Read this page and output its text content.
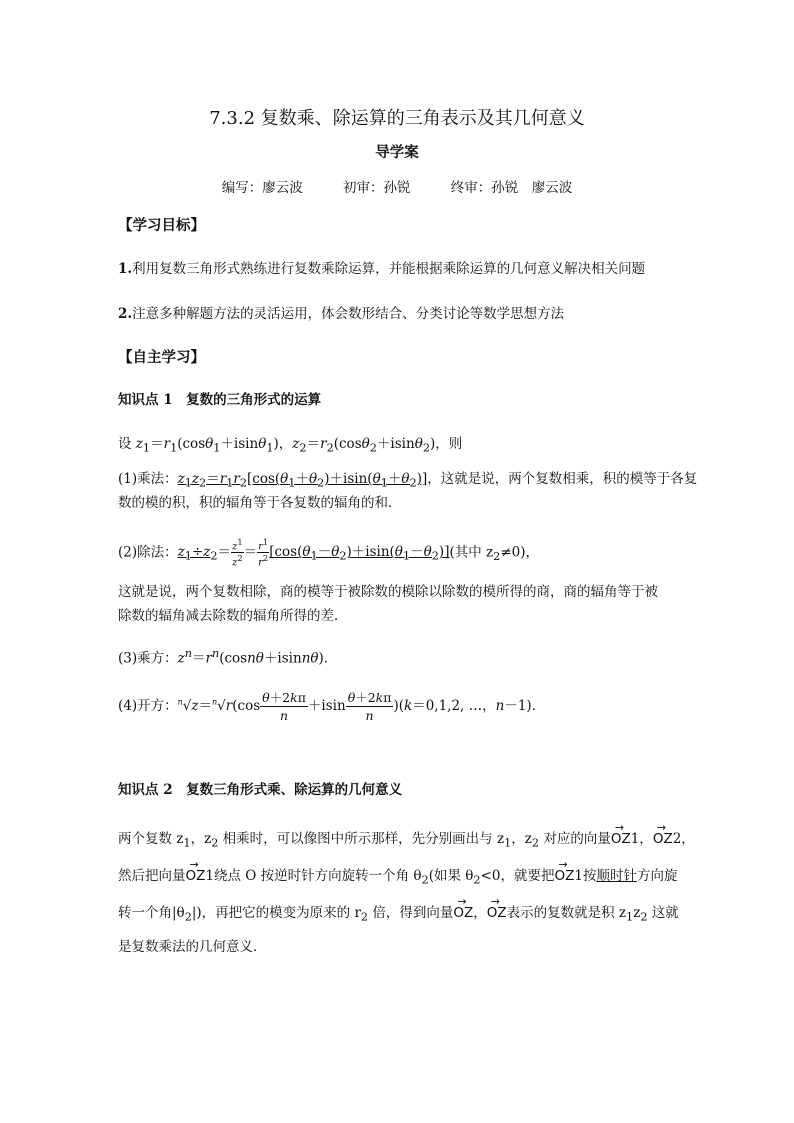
7.3.2 复数乘、除运算的三角表示及其几何意义
导学案
编写：廖云波	初审：孙锐	终审：孙锐　廖云波
【学习目标】
1.利用复数三角形式熟练进行复数乘除运算，并能根据乘除运算的几何意义解决相关问题
2.注意多种解题方法的灵活运用，体会数形结合、分类讨论等数学思想方法
【自主学习】
知识点 1　 复数的三角形式的运算
设 $z_1=r_1(\cos\theta_1+isin\theta_1)$，$z_2=r_2(\cos\theta_2+isin\theta_2)$，则
(1)乘法：$z_1z_2=r_1r_2[\cos(\theta_1+\theta_2)+isin(\theta_1+\theta_2)]$，这就是说，两个复数相乘，积的模等于各复
数的模的积，积的辐角等于各复数的辐角的和．
(2)除法：$z_1\div z_2= \frac{z^1}{z^2} = \frac{r^1}{r^2} [\cos(\theta_1-\theta_2)+isin(\theta_1-\theta_2)]$(其中 $z_2\ne 0$)，
这就是说，两个复数相除，商的模等于被除数的模除以除数的模所得的商，商的辐角等于被
除数的辐角减去除数的辐角所得的差．
(3)乘方：$z^n=r^n(\cos n\theta+isinn\theta)$．
(4)开方：$^n√z=^n√r(\cos \frac{\theta+2k\pi}{n} +isin \frac{\theta+2k\pi}{n} )(k=0,1,2$, …，n－1)．
知识点 2　 复数三角形式乘、除运算的几何意义
两个复数 $z_1$，$z_2$ 相乘时，可以像图中所示那样，先分别画出与 $z_1$，$z_2$ 对应的向量→ OZ1，→ OZ2，
然后把向量→ OZ1绕点 O 按逆时针方向旋转一个角 $\theta_2$(如果 $\theta_2<0$，就要把→ OZ1按顺时针方向旋
转一个角$|\theta_2|$)，再把它的模变为原来的 $r_2$ 倍，得到向量→ OZ，→ OZ表示的复数就是积 $z_1z_2$ 这就
是复数乘法的几何意义．
